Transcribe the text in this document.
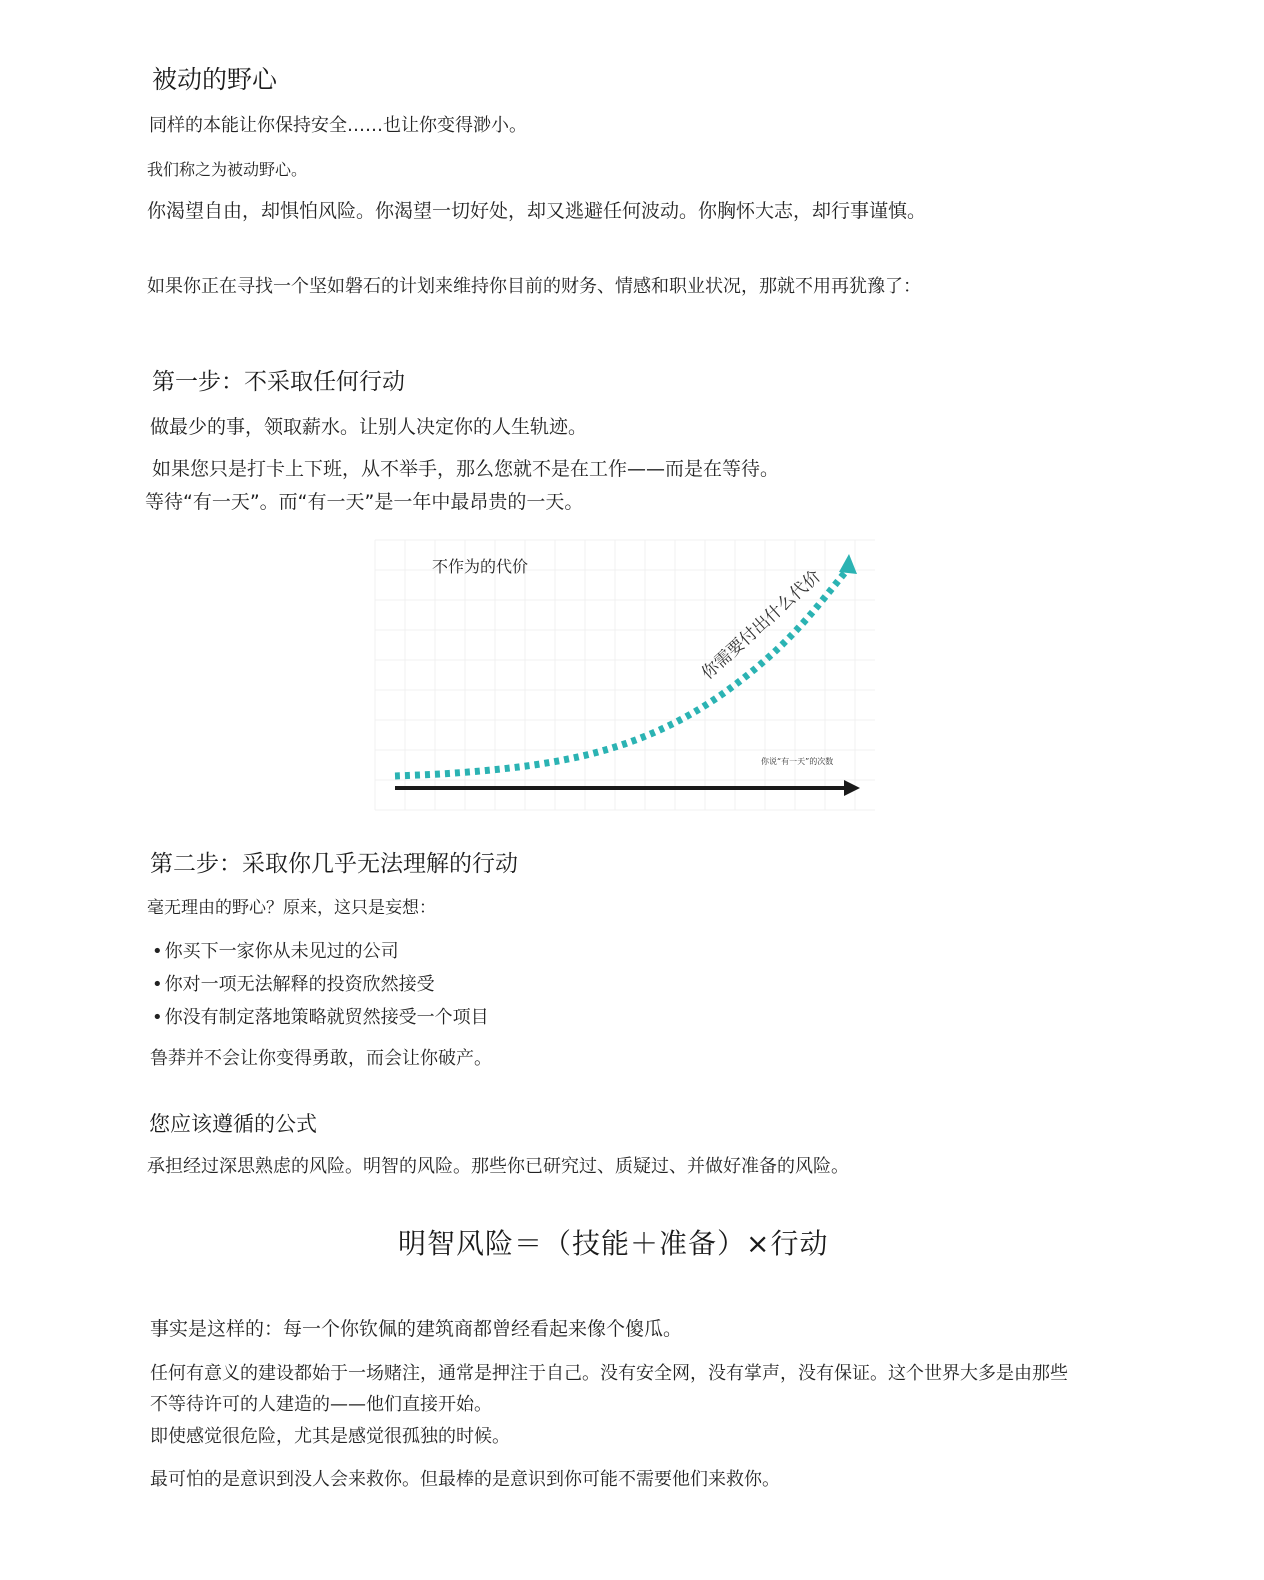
被动的野心
同样的本能让你保持安全……也让你变得渺小。
我们称之为被动野心。
你渴望自由，却惧怕风险。你渴望一切好处，却又逃避任何波动。你胸怀大志，却行事谨慎。
如果你正在寻找一个坚如磐石的计划来维持你目前的财务、情感和职业状况，那就不用再犹豫了：
第一步：不采取任何行动
做最少的事，领取薪水。让别人决定你的人生轨迹。
如果您只是打卡上下班，从不举手，那么您就不是在工作——而是在等待。
等待“有一天”。而“有一天”是一年中最昂贵的一天。
不作为的代价
你说“有一天”的次数
你需要付出什么代价
第二步：采取你几乎无法理解的行动
毫无理由的野心？原来，这只是妄想：
• 你买下一家你从未见过的公司
• 你对一项无法解释的投资欣然接受
• 你没有制定落地策略就贸然接受一个项目
鲁莽并不会让你变得勇敢，而会让你破产。
您应该遵循的公式
承担经过深思熟虑的风险。明智的风险。那些你已研究过、质疑过、并做好准备的风险。
明智风险＝（技能＋准备）×行动
事实是这样的：每一个你钦佩的建筑商都曾经看起来像个傻瓜。
任何有意义的建设都始于一场赌注，通常是押注于自己。没有安全网，没有掌声，没有保证。这个世界大多是由那些
不等待许可的人建造的——他们直接开始。
即使感觉很危险，尤其是感觉很孤独的时候。
最可怕的是意识到没人会来救你。但最棒的是意识到你可能不需要他们来救你。
